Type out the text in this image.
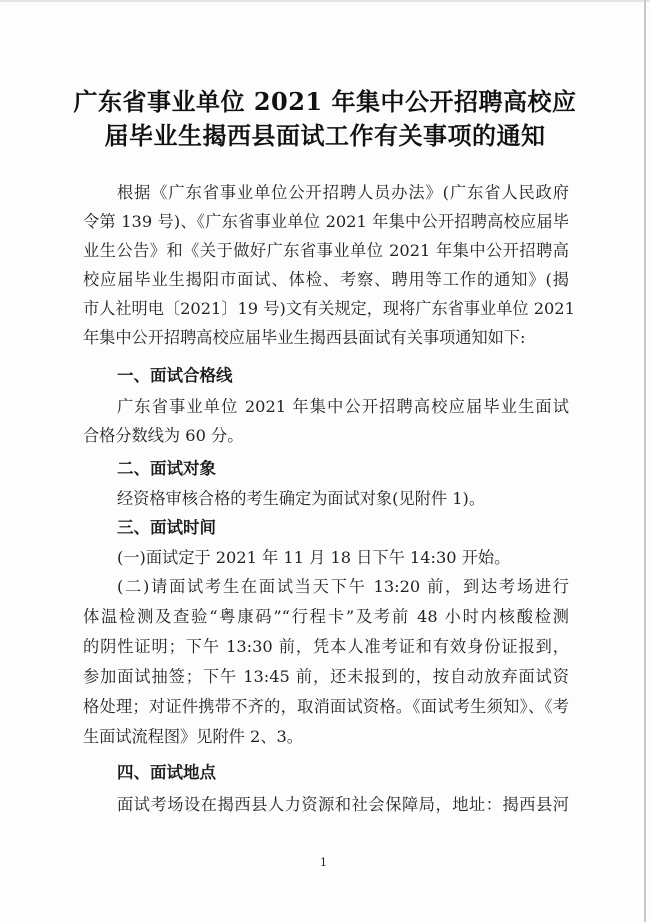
广东省事业单位 2021 年集中公开招聘高校应
届毕业生揭西县面试工作有关事项的通知
根据《广东省事业单位公开招聘人员办法》(广东省人民政府
令第 139 号)、《广东省事业单位 2021 年集中公开招聘高校应届毕
业生公告》和《关于做好广东省事业单位 2021 年集中公开招聘高
校应届毕业生揭阳市面试、体检、考察、聘用等工作的通知》(揭
市人社明电〔2021〕19 号)文有关规定，现将广东省事业单位 2021
年集中公开招聘高校应届毕业生揭西县面试有关事项通知如下:
一、面试合格线
广东省事业单位 2021 年集中公开招聘高校应届毕业生面试
合格分数线为 60 分。
二、面试对象
经资格审核合格的考生确定为面试对象(见附件 1)。
三、面试时间
(一)面试定于 2021 年 11 月 18 日下午 14:30 开始。
(二)请面试考生在面试当天下午 13:20 前，到达考场进行
体温检测及查验“粤康码”“行程卡”及考前 48 小时内核酸检测
的阴性证明；下午 13:30 前，凭本人准考证和有效身份证报到，
参加面试抽签；下午 13:45 前，还未报到的，按自动放弃面试资
格处理；对证件携带不齐的，取消面试资格。《面试考生须知》、《考
生面试流程图》见附件 2、3。
四、面试地点
面试考场设在揭西县人力资源和社会保障局，地址：揭西县河
1
